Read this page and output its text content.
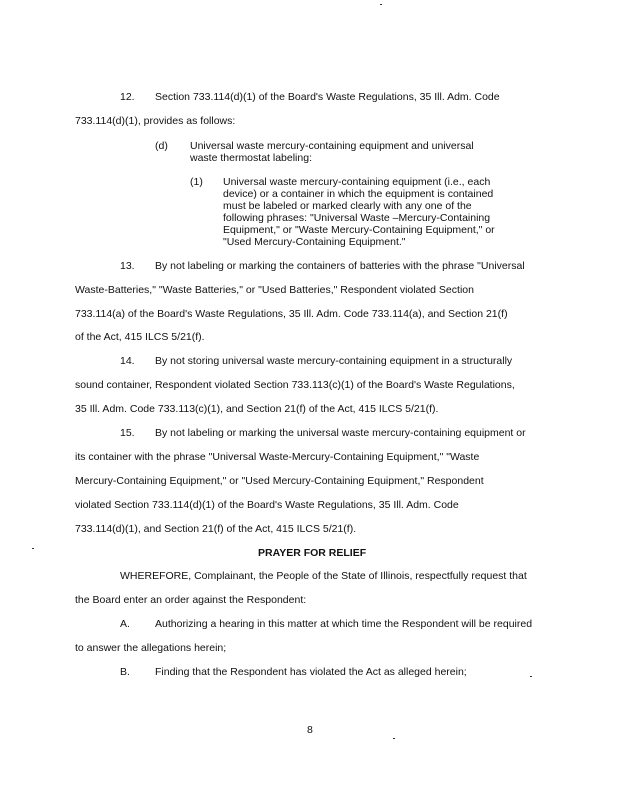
12. Section 733.114(d)(1) of the Board's Waste Regulations, 35 Ill. Adm. Code
733.114(d)(1), provides as follows:
(d) Universal waste mercury-containing equipment and universal
waste thermostat labeling:
(1) Universal waste mercury-containing equipment (i.e., each
device) or a container in which the equipment is contained
must be labeled or marked clearly with any one of the
following phrases: "Universal Waste –Mercury-Containing
Equipment," or "Waste Mercury-Containing Equipment," or
"Used Mercury-Containing Equipment."
13. By not labeling or marking the containers of batteries with the phrase "Universal
Waste-Batteries," "Waste Batteries," or "Used Batteries," Respondent violated Section
733.114(a) of the Board's Waste Regulations, 35 Ill. Adm. Code 733.114(a), and Section 21(f)
of the Act, 415 ILCS 5/21(f).
14. By not storing universal waste mercury-containing equipment in a structurally
sound container, Respondent violated Section 733.113(c)(1) of the Board's Waste Regulations,
35 Ill. Adm. Code 733.113(c)(1), and Section 21(f) of the Act, 415 ILCS 5/21(f).
15. By not labeling or marking the universal waste mercury-containing equipment or
its container with the phrase "Universal Waste-Mercury-Containing Equipment," "Waste
Mercury-Containing Equipment," or "Used Mercury-Containing Equipment," Respondent
violated Section 733.114(d)(1) of the Board's Waste Regulations, 35 Ill. Adm. Code
733.114(d)(1), and Section 21(f) of the Act, 415 ILCS 5/21(f).
PRAYER FOR RELIEF
WHEREFORE, Complainant, the People of the State of Illinois, respectfully request that
the Board enter an order against the Respondent:
A. Authorizing a hearing in this matter at which time the Respondent will be required
to answer the allegations herein;
B. Finding that the Respondent has violated the Act as alleged herein;
8
